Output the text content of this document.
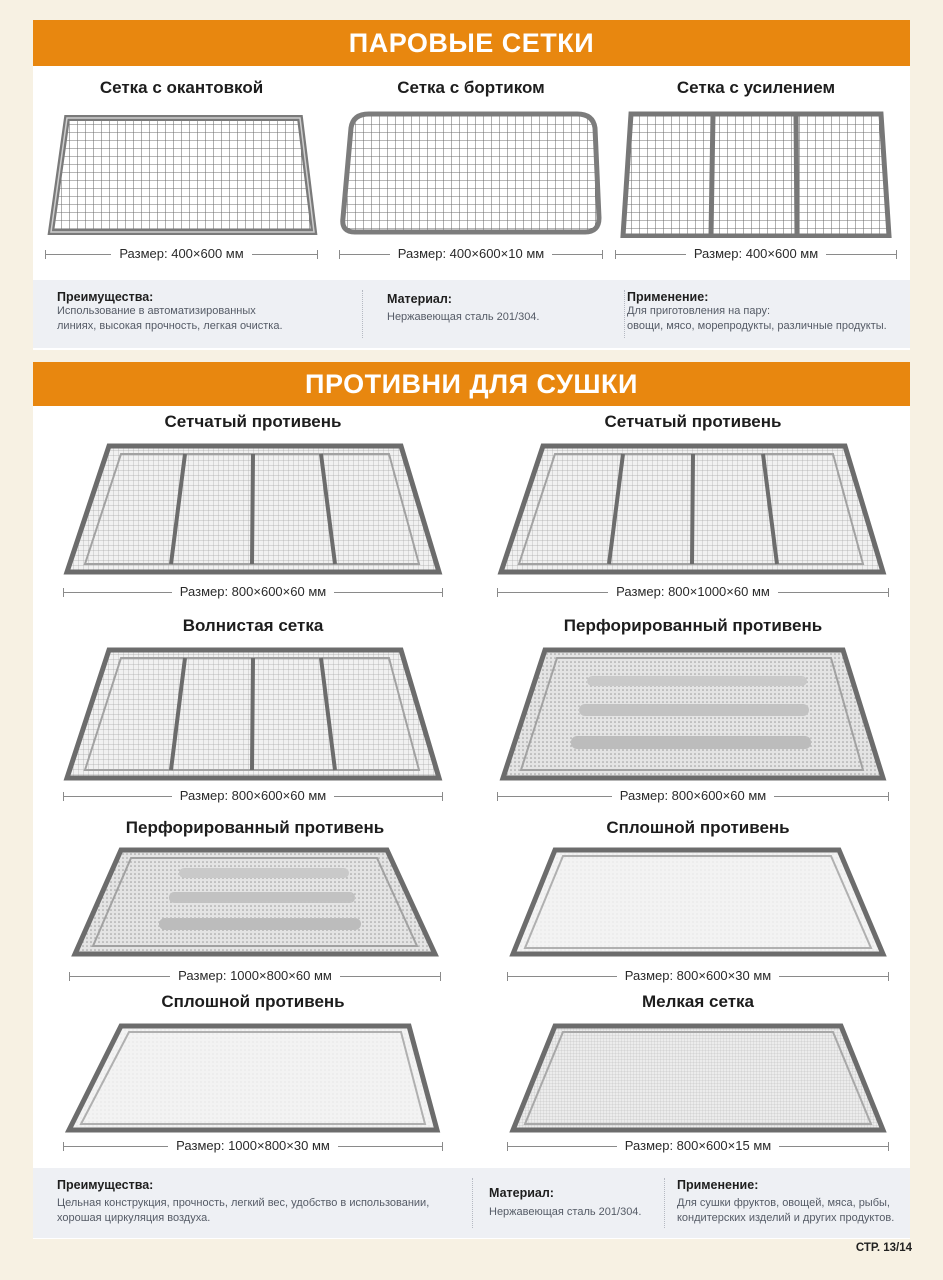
ПАРОВЫЕ СЕТКИ
Сетка с окантовкой
Размер: 400×600 мм
Сетка с бортиком
Размер: 400×600×10 мм
Сетка с усилением
Размер: 400×600 мм
Преимущества:
Использование в автоматизированных
линиях, высокая прочность, легкая очистка.
Материал:
Нержавеющая сталь 201/304.
Применение:
Для приготовления на пару:
овощи, мясо, морепродукты, различные продукты.
ПРОТИВНИ ДЛЯ СУШКИ
Сетчатый противень
Размер: 800×600×60 мм
Сетчатый противень
Размер: 800×1000×60 мм
Волнистая сетка
Размер: 800×600×60 мм
Перфорированный противень
Размер: 800×600×60 мм
Перфорированный противень
Размер: 1000×800×60 мм
Сплошной противень
Размер: 800×600×30 мм
Сплошной противень
Размер: 1000×800×30 мм
Мелкая сетка
Размер: 800×600×15 мм
Преимущества:
Цельная конструкция, прочность, легкий вес, удобство в использовании,
хорошая циркуляция воздуха.
Материал:
Нержавеющая сталь 201/304.
Применение:
Для сушки фруктов, овощей, мяса, рыбы,
кондитерских изделий и других продуктов.
СТР. 13/14
